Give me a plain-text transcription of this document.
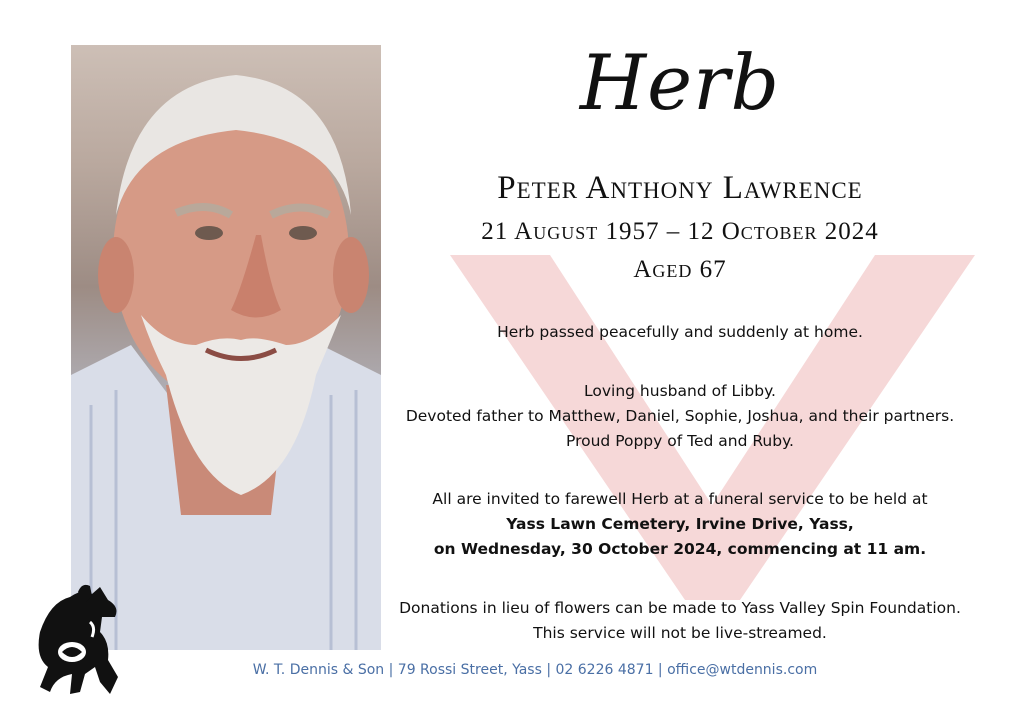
Herb
Peter Anthony Lawrence
21 August 1957 – 12 October 2024
Aged 67
Herb passed peacefully and suddenly at home.
Loving husband of Libby.
Devoted father to Matthew, Daniel, Sophie, Joshua, and their partners.
Proud Poppy of Ted and Ruby.
All are invited to farewell Herb at a funeral service to be held at
Yass Lawn Cemetery, Irvine Drive, Yass,
on Wednesday, 30 October 2024, commencing at 11 am.
Donations in lieu of flowers can be made to Yass Valley Spin Foundation.
This service will not be live-streamed.
W. T. Dennis & Son | 79 Rossi Street, Yass | 02 6226 4871 | office@wtdennis.com
